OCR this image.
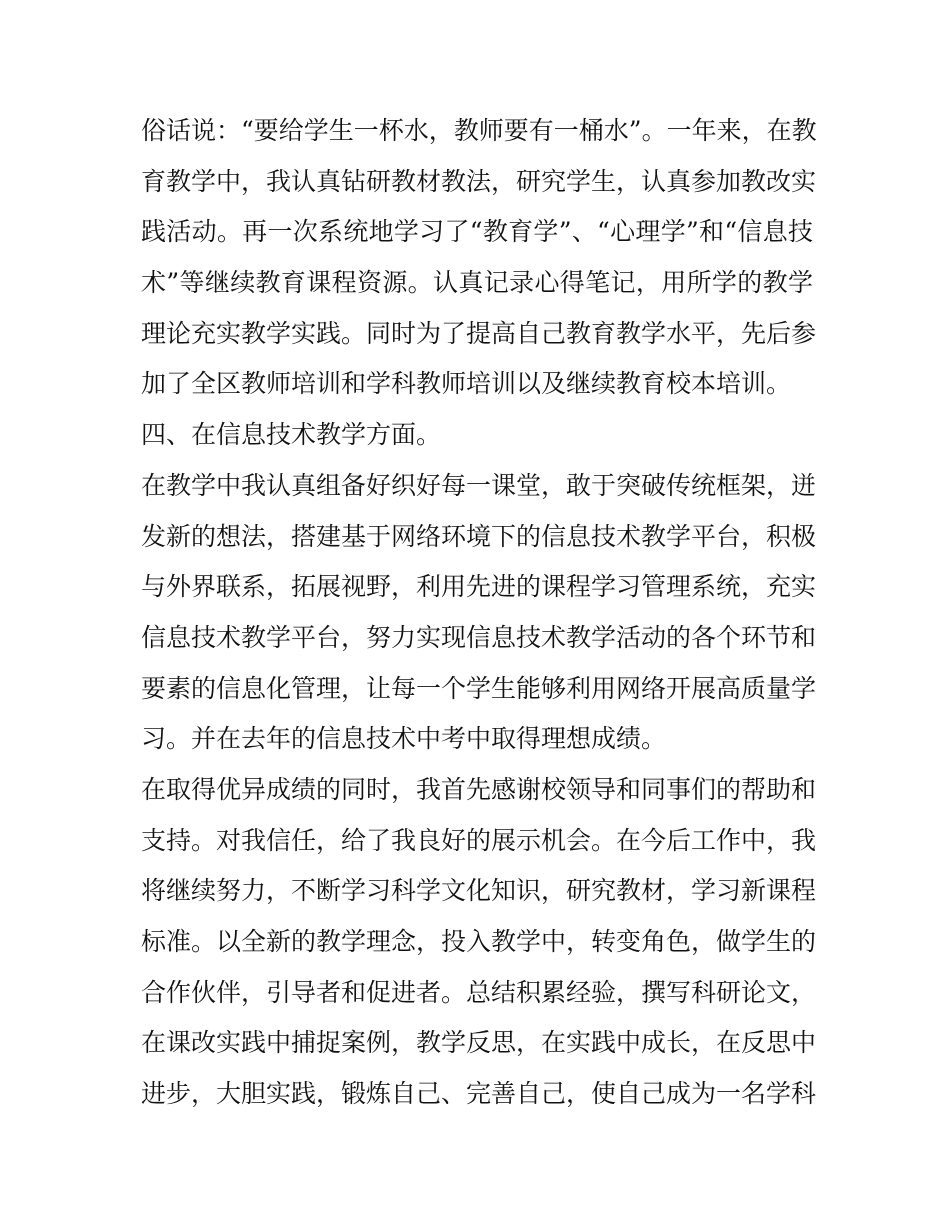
俗话说：“要给学生一杯水，教师要有一桶水”。一年来，在教
育教学中，我认真钻研教材教法，研究学生，认真参加教改实
践活动。再一次系统地学习了“教育学”、“心理学”和“信息技
术”等继续教育课程资源。认真记录心得笔记，用所学的教学
理论充实教学实践。同时为了提高自己教育教学水平，先后参
加了全区教师培训和学科教师培训以及继续教育校本培训。
四、在信息技术教学方面。
在教学中我认真组备好织好每一课堂，敢于突破传统框架，迸
发新的想法，搭建基于网络环境下的信息技术教学平台，积极
与外界联系，拓展视野，利用先进的课程学习管理系统，充实
信息技术教学平台，努力实现信息技术教学活动的各个环节和
要素的信息化管理，让每一个学生能够利用网络开展高质量学
习。并在去年的信息技术中考中取得理想成绩。
在取得优异成绩的同时，我首先感谢校领导和同事们的帮助和
支持。对我信任，给了我良好的展示机会。在今后工作中，我
将继续努力，不断学习科学文化知识，研究教材，学习新课程
标准。以全新的教学理念，投入教学中，转变角色，做学生的
合作伙伴，引导者和促进者。总结积累经验，撰写科研论文，
在课改实践中捕捉案例，教学反思，在实践中成长，在反思中
进步，大胆实践，锻炼自己、完善自己，使自己成为一名学科
